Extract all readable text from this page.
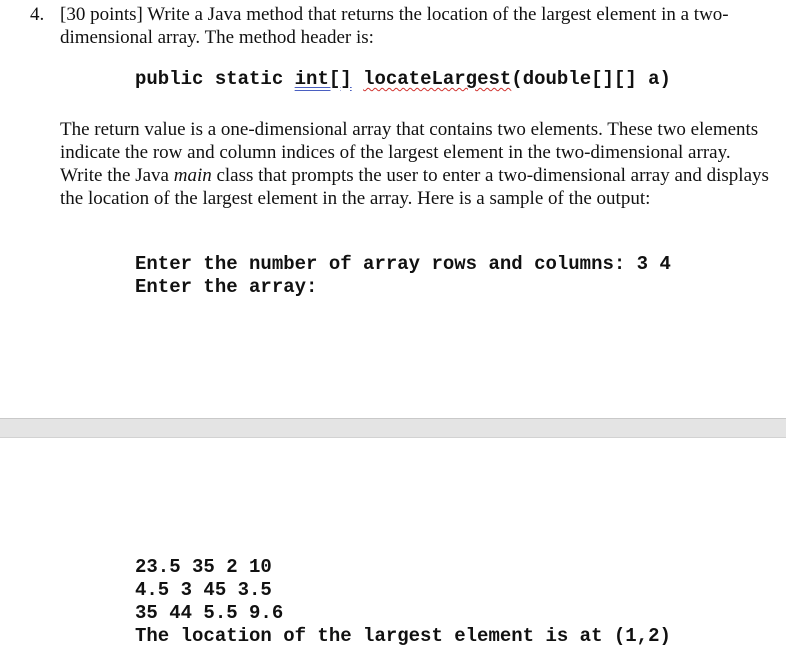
4. [30 points] Write a Java method that returns the location of the largest element in a two-dimensional array. The method header is:
public static int[] locateLargest(double[][] a)
The return value is a one-dimensional array that contains two elements. These two elements indicate the row and column indices of the largest element in the two-dimensional array. Write the Java main class that prompts the user to enter a two-dimensional array and displays the location of the largest element in the array. Here is a sample of the output:
Enter the number of array rows and columns: 3 4
Enter the array:
23.5 35 2 10
4.5 3 45 3.5
35 44 5.5 9.6
The location of the largest element is at (1,2)
